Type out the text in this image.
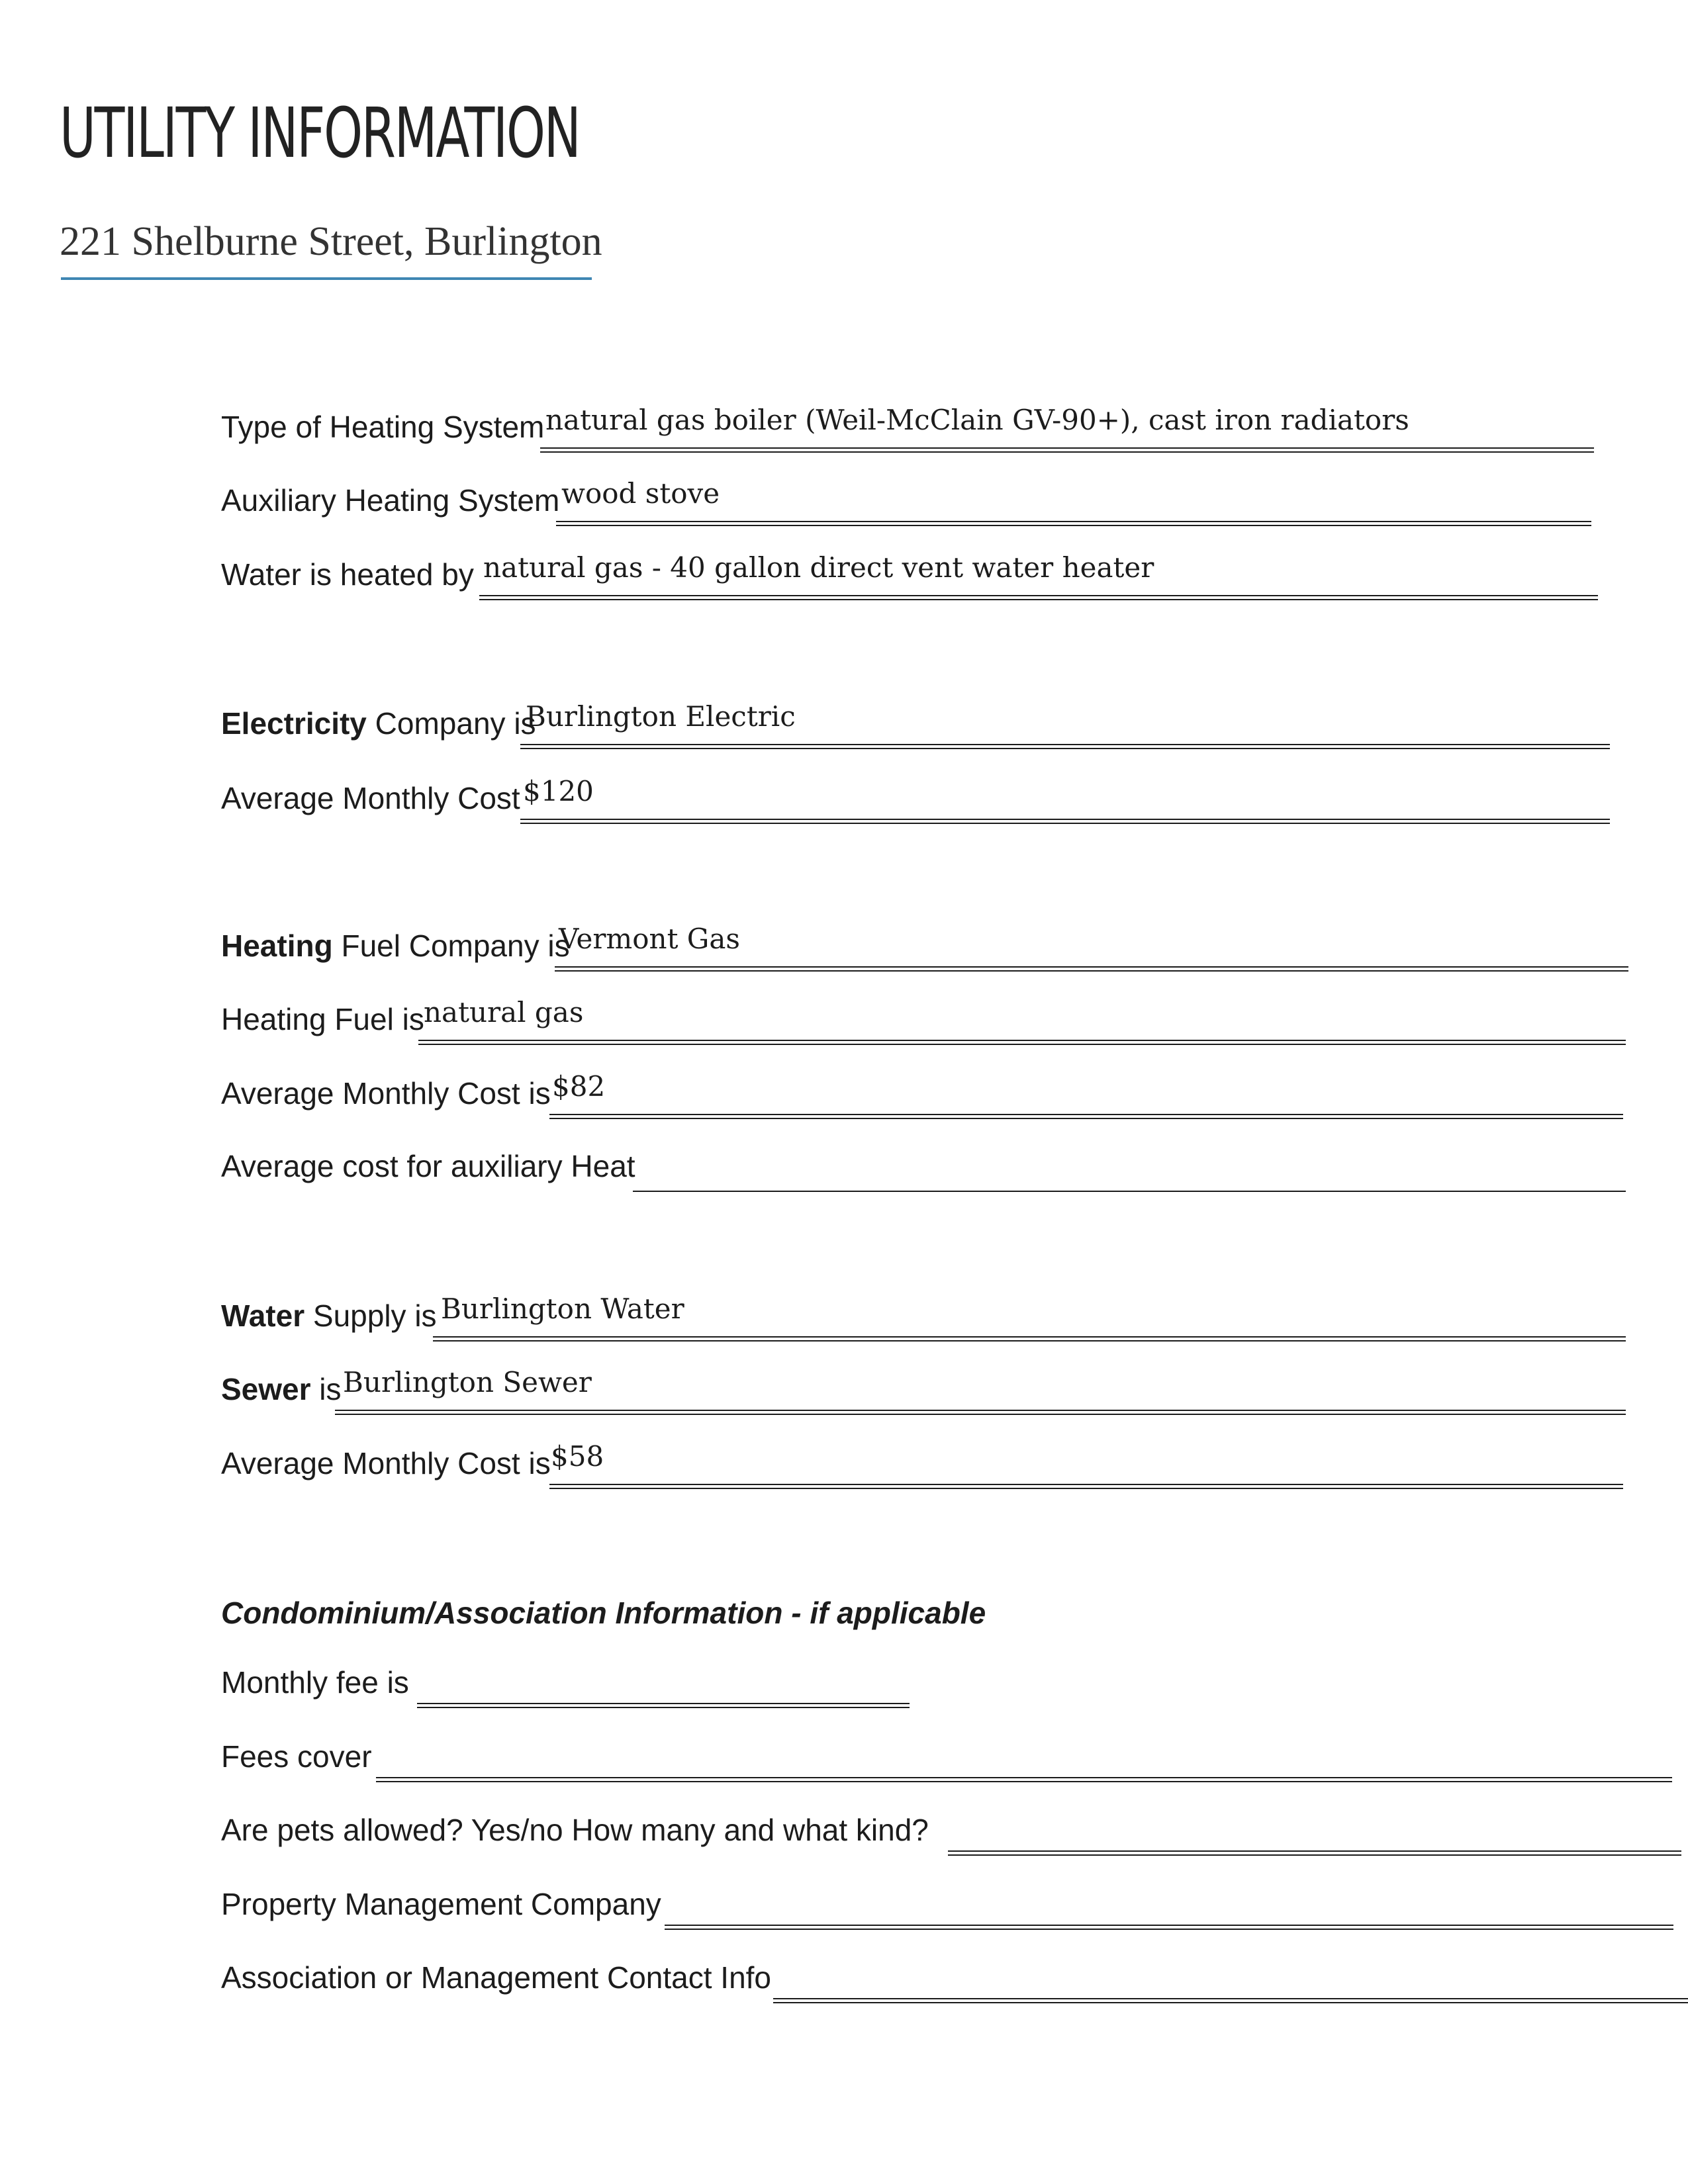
UTILITY INFORMATION
221 Shelburne Street, Burlington
Type of Heating System natural gas boiler (Weil-McClain GV-90+), cast iron radiators
Auxiliary Heating System wood stove
Water is heated by natural gas - 40 gallon direct vent water heater
Electricity Company is
Burlington Electric
Average Monthly Cost $120
Heating Fuel Company is
Vermont Gas
Heating Fuel is natural gas
Average Monthly Cost is $82
Average cost for auxiliary Heat
Water Supply is Burlington Water
Sewer is Burlington Sewer
Average Monthly Cost is $58
Condominium/Association Information - if applicable
Monthly fee is
Fees cover
Are pets allowed? Yes/no How many and what kind?
Property Management Company
Association or Management Contact Info
